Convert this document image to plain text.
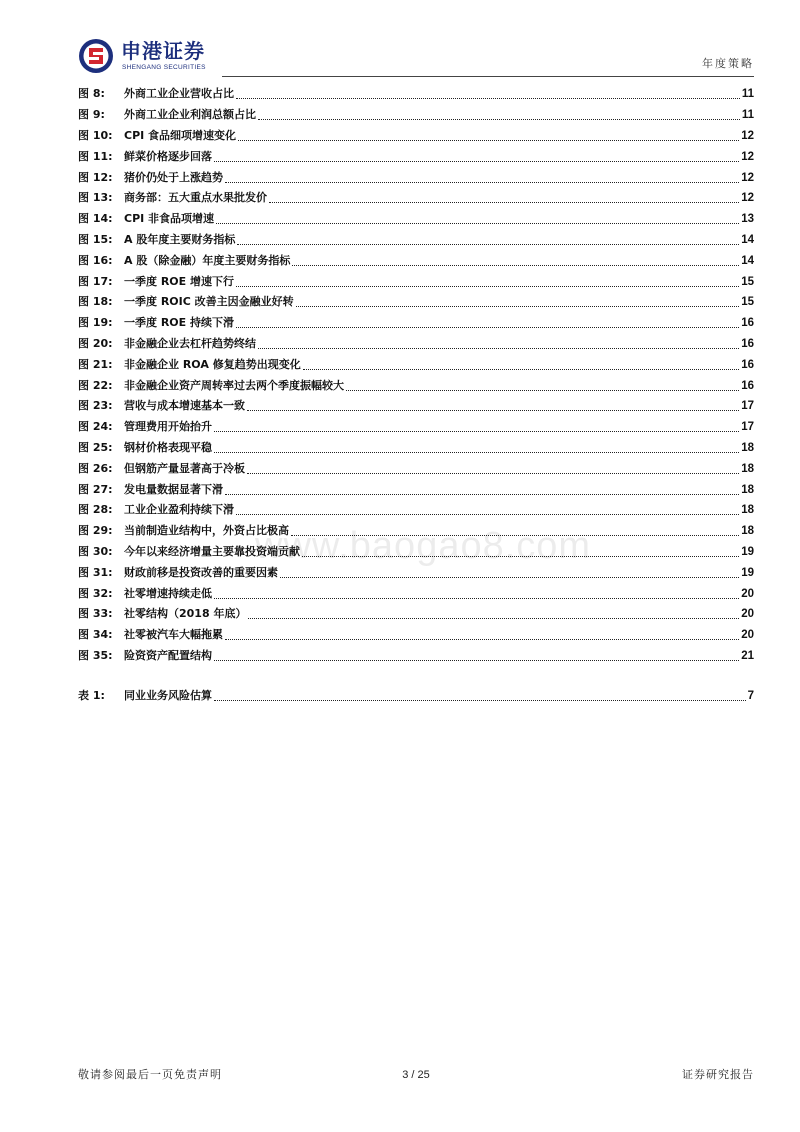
申港证券
SHENGANG SECURITIES	年度策略
图 8:	外商工业企业营收占比	11
图 9:	外商工业企业利润总额占比	11
图 10:	CPI 食品细项增速变化	12
图 11:	鲜菜价格逐步回落	12
图 12:	猪价仍处于上涨趋势	12
图 13:	商务部：五大重点水果批发价	12
图 14:	CPI 非食品项增速	13
图 15:	A 股年度主要财务指标	14
图 16:	A 股（除金融）年度主要财务指标	14
图 17:	一季度 ROE 增速下行	15
图 18:	一季度 ROIC 改善主因金融业好转	15
图 19:	一季度 ROE 持续下滑	16
图 20:	非金融企业去杠杆趋势终结	16
图 21:	非金融企业 ROA 修复趋势出现变化	16
图 22:	非金融企业资产周转率过去两个季度振幅较大	16
图 23:	营收与成本增速基本一致	17
图 24:	管理费用开始抬升	17
图 25:	钢材价格表现平稳	18
图 26:	但钢筋产量显著高于冷板	18
图 27:	发电量数据显著下滑	18
图 28:	工业企业盈利持续下滑	18
图 29:	当前制造业结构中，外资占比极高	18
图 30:	今年以来经济增量主要靠投资端贡献	19
图 31:	财政前移是投资改善的重要因素	19
图 32:	社零增速持续走低	20
图 33:	社零结构（2018 年底）	20
图 34:	社零被汽车大幅拖累	20
图 35:	险资资产配置结构	21
表 1:	同业业务风险估算	7
www.baogao8.com
敬请参阅最后一页免责声明	3 / 25	证券研究报告
